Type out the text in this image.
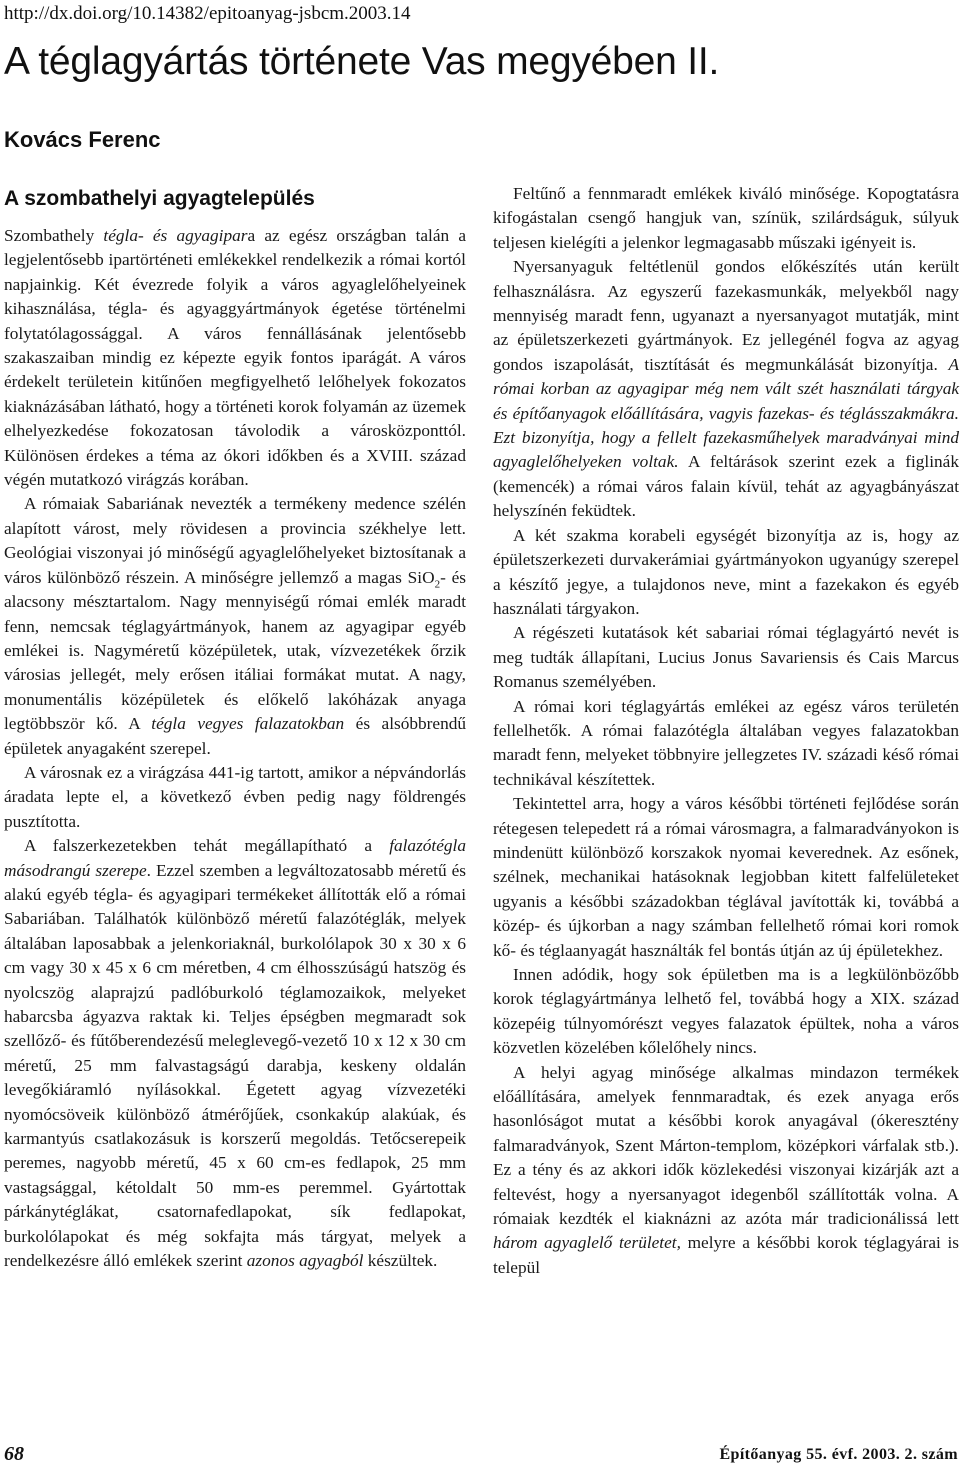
http://dx.doi.org/10.14382/epitoanyag-jsbcm.2003.14
A téglagyártás története Vas megyében II.
Kovács Ferenc
A szombathelyi agyagtelepülés

Szombathely tégla- és agyagipara az egész országban talán a legjelentősebb ipartörténeti emlékekkel rendelkezik a római kortól napjainkig. Két évezrede folyik a város agyaglelőhelyeinek kihasználása, tégla- és agyaggyártmányok égetése történelmi folytatólagossággal. A város fennállásának jelentősebb szakaszaiban mindig ez képezte egyik fontos iparágát. A város érdekelt területein kitűnően megfigyelhető lelőhelyek fokozatos kiaknázásában látható, hogy a történeti korok folyamán az üzemek elhelyezkedése fokozatosan távolodik a városközponttól. Különösen érdekes a téma az ókori időkben és a XVIII. század végén mutatkozó virágzás korában.

A rómaiak Sabariának nevezték a termékeny medence szélén alapított várost, mely rövidesen a provincia székhelye lett. Geológiai viszonyai jó minőségű agyaglelőhelyeket biztosítanak a város különböző részein. A minőségre jellemző a magas SiO$_2$- és alacsony mésztartalom. Nagy mennyiségű római emlék maradt fenn, nemcsak téglagyártmányok, hanem az agyagipar egyéb emlékei is. Nagyméretű középületek, utak, vízvezetékek őrzik városias jellegét, mely erősen itáliai formákat mutat. A nagy, monumentális középületek és előkelő lakóházak anyaga legtöbbször kő. A tégla vegyes falazatokban és alsóbbrendű épületek anyagaként szerepel.

A városnak ez a virágzása 441-ig tartott, amikor a népvándorlás áradata lepte el, a következő évben pedig nagy földrengés pusztította.

A falszerkezetekben tehát megállapítható a falazótégla másodrangú szerepe. Ezzel szemben a legváltozatosabb méretű és alakú egyéb tégla- és agyagipari termékeket állították elő a római Sabariában. Találhatók különböző méretű falazótéglák, melyek általában laposabbak a jelenkoriaknál, burkolólapok 30 x 30 x 6 cm vagy 30 x 45 x 6 cm méretben, 4 cm élhosszúságú hatszög és nyolcszög alaprajzú padlóburkoló téglamozaikok, melyeket habarcsba ágyazva raktak ki. Teljes épségben megmaradt sok szellőző- és fűtőberendezésű meleglevegő-vezető 10 x 12 x 30 cm méretű, 25 mm falvastagságú darabja, keskeny oldalán levegőkiáramló nyílásokkal. Égetett agyag vízvezetéki nyomócsöveik különböző átmérőjűek, csonkakúp alakúak, és karmantyús csatlakozásuk is korszerű megoldás. Tetőcserepeik peremes, nagyobb méretű, 45 x 60 cm-es fedlapok, 25 mm vastagsággal, kétoldalt 50 mm-es peremmel. Gyártottak párkánytéglákat, csatornafedlapokat, sík fedlapokat, burkolólapokat és még sokfajta más tárgyat, melyek a rendelkezésre álló emlékek szerint azonos agyagból készültek.

Feltűnő a fennmaradt emlékek kiváló minősége. Kopogtatásra kifogástalan csengő hangjuk van, színük, szilárdságuk, súlyuk teljesen kielégíti a jelenkor legmagasabb műszaki igényeit is.

Nyersanyaguk feltétlenül gondos előkészítés után került felhasználásra. Az egyszerű fazekasmunkák, melyekből nagy mennyiség maradt fenn, ugyanazt a nyersanyagot mutatják, mint az épületszerkezeti gyártmányok. Ez jellegénél fogva az agyag gondos iszapolását, tisztítását és megmunkálását bizonyítja. A római korban az agyagipar még nem vált szét használati tárgyak és építőanyagok előállítására, vagyis fazekas- és téglásszakmákra. Ezt bizonyítja, hogy a fellelt fazekasműhelyek maradványai mind agyaglelőhelyeken voltak. A feltárások szerint ezek a figlinák (kemencék) a római város falain kívül, tehát az agyagbányászat helyszínén feküdtek.

A két szakma korabeli egységét bizonyítja az is, hogy az épületszerkezeti durvakerámiai gyártmányokon ugyanúgy szerepel a készítő jegye, a tulajdonos neve, mint a fazekakon és egyéb használati tárgyakon.

A régészeti kutatások két sabariai római téglagyártó nevét is meg tudták állapítani, Lucius Jonus Savariensis és Cais Marcus Romanus személyében.

A római kori téglagyártás emlékei az egész város területén fellelhetők. A római falazótégla általában vegyes falazatokban maradt fenn, melyeket többnyire jellegzetes IV. századi késő római technikával készítettek.

Tekintettel arra, hogy a város későbbi történeti fejlődése során rétegesen telepedett rá a római városmagra, a falmaradványokon is mindenütt különböző korszakok nyomai keverednek. Az esőnek, szélnek, mechanikai hatásoknak legjobban kitett falfelületeket ugyanis a későbbi századokban téglával javították ki, továbbá a közép- és újkorban a nagy számban fellelhető római kori romok kő- és téglaanyagát használták fel bontás útján az új épületekhez.

Innen adódik, hogy sok épületben ma is a legkülönbözőbb korok téglagyártmánya lelhető fel, továbbá hogy a XIX. század közepéig túlnyomórészt vegyes falazatok épültek, noha a város közvetlen közelében kőlelőhely nincs.

A helyi agyag minősége alkalmas mindazon termékek előállítására, amelyek fennmaradtak, és ezek anyaga erős hasonlóságot mutat a későbbi korok anyagával (ókeresztény falmaradványok, Szent Márton-templom, középkori várfalak stb.). Ez a tény és az akkori idők közlekedési viszonyai kizárják azt a feltevést, hogy a nyersanyagot idegenből szállították volna. A rómaiak kezdték el kiaknázni az azóta már tradicionálissá lett három agyaglelő területet, melyre a későbbi korok téglagyárai is települ

68	Építőanyag 55. évf. 2003. 2. szám
